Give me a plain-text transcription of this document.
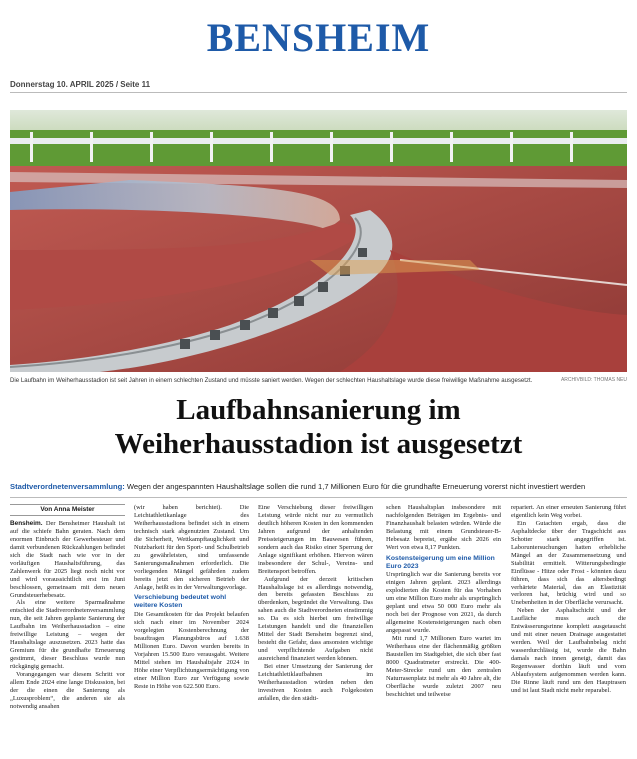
BENSHEIM
Donnerstag 10. APRIL 2025 / Seite 11
Die Laufbahn im Weiherhausstadion ist seit Jahren in einem schlechten Zustand und müsste saniert werden. Wegen der schlechten Haushaltslage wurde diese freiwillige Maßnahme ausgesetzt.	ARCHIVBILD: THOMAS NEU
Laufbahnsanierung im
Weiherhausstadion ist ausgesetzt
Stadtverordnetenversammlung: Wegen der angespannten Haushaltslage sollen die rund 1,7 Millionen Euro für die grundhafte Erneuerung vorerst nicht investiert werden
Von Anna Meister

Bensheim. Der Bensheimer Haushalt ist auf die schiefe Bahn geraten. Nach dem enormen Einbruch der Gewerbesteuer und damit verbundenen Rückzahlungen befindet sich die Stadt nach wie vor in der vorläufigen Haushaltsführung, das Zahlenwerk für 2025 liegt noch nicht vor und wird voraussichtlich erst im Juni beschlossen, gemeinsam mit dem neuen Grundsteuerhebesatz.

Als eine weitere Sparmaßnahme entschied die Stadtverordnetenversammlung nun, die seit Jahren geplante Sanierung der Laufbahn im Weiherhausstadion – eine freiwillige Leistung – wegen der Haushaltslage auszusetzen. 2023 hatte das Gremium für die grundhafte Erneuerung gestimmt, dieser Beschluss wurde nun rückgängig gemacht.

Vorangegangen war diesem Schritt vor allem Ende 2024 eine lange Diskussion, bei der die einen die Sanierung als „Luxusproblem“, die anderen sie als notwendig ansahen

(wir haben berichtet). Die Leichtathletikanlage des Weiherhausstadions befindet sich in einem technisch stark abgenutzten Zustand. Um die Sicherheit, Wettkampftauglichkeit und Nutzbarkeit für den Sport- und Schulbetrieb zu gewährleisten, sind umfassende Sanierungsmaßnahmen erforderlich. Die vorliegenden Mängel gefährden zudem bereits jetzt den sicheren Betrieb der Anlage, heißt es in der Verwaltungsvorlage.

Verschiebung bedeutet wohl weitere Kosten

Die Gesamtkosten für das Projekt belaufen sich nach einer im November 2024 vorgelegten Kostenberechnung der beauftragen Planungsbüros auf 1.638 Millionen Euro. Davon wurden bereits in Vorjahren 15.500 Euro verausgabt. Weitere Mittel stehen im Haushaltsjahr 2024 in Höhe einer Verpflichtungsermächtigung von einer Million Euro zur Verfügung sowie Reste in Höhe von 622.500 Euro.

Eine Verschiebung dieser freiwilligen Leistung würde nicht nur zu vermutlich deutlich höheren Kosten in den kommenden Jahren aufgrund der anhaltenden Preissteigerungen im Bauwesen führen, sondern auch das Risiko einer Sperrung der Anlage signifikant erhöhen. Hiervon wären insbesondere der Schul-, Vereins- und Breitensport betroffen.

Aufgrund der derzeit kritischen Haushaltslage ist es allerdings notwendig, den bereits gefassten Beschluss zu überdenken, begründet die Verwaltung. Das sahen auch die Stadtverordneten einstimmig so. Da es sich hierbei um freiwillige Leistungen handelt und die finanziellen Mittel der Stadt Bensheim begrenzt sind, besteht die Gefahr, dass ansonsten wichtige und verpflichtende Aufgaben nicht ausreichend finanziert werden können.

Bei einer Umsetzung der Sanierung der Leichtathletiklaufbahnen im Weiherhausstadion würden neben den investiven Kosten auch Folgekosten anfallen, die den städti-

schen Haushaltsplan insbesondere mit nachfolgenden Beträgen im Ergebnis- und Finanzhaushalt belasten würden. Würde die Belastung mit einem Grundsteuer-B-Hebesatz bepreist, ergäbe sich 2026 ein Wert von etwa 8,17 Punkten.

Kostensteigerung um eine Million Euro 2023

Ursprünglich war die Sanierung bereits vor einigen Jahren geplant. 2023 allerdings explodierten die Kosten für das Vorhaben um eine Million Euro mehr als ursprünglich geplant und etwa 50 000 Euro mehr als noch bei der Prognose von 2021, da durch allgemeine Kostensteigerungen nach oben angepasst wurde.

Mit rund 1,7 Millionen Euro wartet im Weiherhaus eine der flächenmäßig größten Baustellen im Stadtgebiet, die sich über fast 8000 Quadratmeter erstreckt. Die 400-Meter-Strecke rund um den zentralen Naturrasenplatz ist mehr als 40 Jahre alt, die Oberfläche wurde zuletzt 2007 neu beschichtet und teilweise

repariert. An einer erneuten Sanierung führt eigentlich kein Weg vorbei.

Ein Gutachten ergab, dass die Asphaltdecke über der Tragschicht aus Schotter stark angegriffen ist. Laboruntersuchungen hatten erhebliche Mängel an der Zusammensetzung und Stabilität ermittelt. Witterungsbedingte Einflüsse - Hitze oder Frost - könnten dazu führen, dass sich das altersbedingt verhärtete Material, das an Elastizität verloren hat, brüchig wird und so Unebenheiten in der Oberfläche verursacht.

Neben der Asphaltschicht und der Laufläche muss auch die Entwässerungsrinne komplett ausgetauscht und mit einer neuen Drainage ausgestattet werden. Weil der Laufbahnbelag nicht wasserdurchlässig ist, wurde die Bahn damals nach innen geneigt, damit das Regenwasser dorthin läuft und vom Ablaufsystem aufgenommen werden kann. Die Rinne läuft rund um den Hauptrasen und ist laut Stadt nicht mehr reparabel.
